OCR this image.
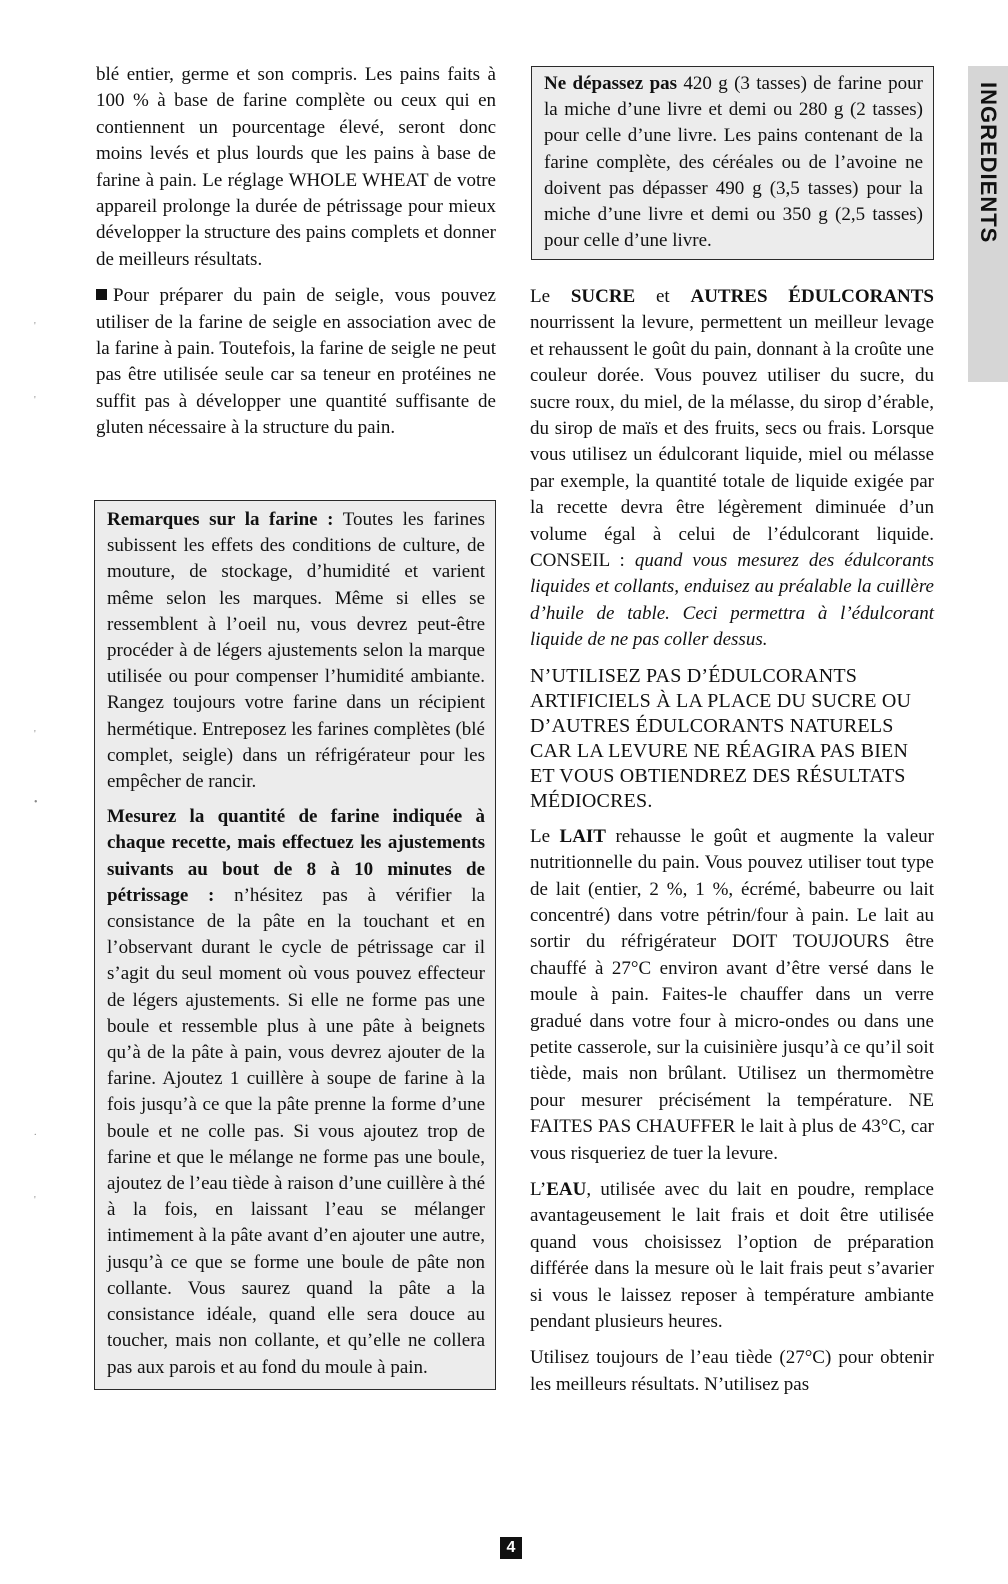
blé entier, germe et son compris. Les pains faits à 100 % à base de farine complète ou ceux qui en contiennent un pourcentage élevé, seront donc moins levés et plus lourds que les pains à base de farine à pain. Le réglage WHOLE WHEAT de votre appareil prolonge la durée de pétrissage pour mieux développer la structure des pains complets et donner de meilleurs résultats.

Pour préparer du pain de seigle, vous pouvez utiliser de la farine de seigle en association avec de la farine à pain. Toutefois, la farine de seigle ne peut pas être utilisée seule car sa teneur en protéines ne suffit pas à développer une quantité suffisante de gluten nécessaire à la structure du pain.

Remarques sur la farine : Toutes les farines subissent les effets des conditions de culture, de mouture, de stockage, d’humidité et varient même selon les marques. Même si elles se ressemblent à l’oeil nu, vous devrez peut-être procéder à de légers ajustements selon la marque utilisée ou pour compenser l’humidité ambiante. Rangez toujours votre farine dans un récipient hermétique. Entreposez les farines complètes (blé complet, seigle) dans un réfrigérateur pour les empêcher de rancir.

Mesurez la quantité de farine indiquée à chaque recette, mais effectuez les ajustements suivants au bout de 8 à 10 minutes de pétrissage : n’hésitez pas à vérifier la consistance de la pâte en la touchant et en l’observant durant le cycle de pétrissage car il s’agit du seul moment où vous pouvez effecteur de légers ajustements. Si elle ne forme pas une boule et ressemble plus à une pâte à beignets qu’à de la pâte à pain, vous devrez ajouter de la farine. Ajoutez 1 cuillère à soupe de farine à la fois jusqu’à ce que la pâte prenne la forme d’une boule et ne colle pas. Si vous ajoutez trop de farine et que le mélange ne forme pas une boule, ajoutez de l’eau tiède à raison d’une cuillère à thé à la fois, en laissant l’eau se mélanger intimement à la pâte avant d’en ajouter une autre, jusqu’à ce que se forme une boule de pâte non collante. Vous saurez quand la pâte a la consistance idéale, quand elle sera douce au toucher, mais non collante, et qu’elle ne collera pas aux parois et au fond du moule à pain.

Ne dépassez pas 420 g (3 tasses) de farine pour la miche d’une livre et demi ou 280 g (2 tasses) pour celle d’une livre. Les pains contenant de la farine complète, des céréales ou de l’avoine ne doivent pas dépasser 490 g (3,5 tasses) pour la miche d’une livre et demi ou 350 g (2,5 tasses) pour celle d’une livre.

Le SUCRE et AUTRES ÉDULCORANTS nourrissent la levure, permettent un meilleur levage et rehaussent le goût du pain, donnant à la croûte une couleur dorée. Vous pouvez utiliser du sucre, du sucre roux, du miel, de la mélasse, du sirop d’érable, du sirop de maïs et des fruits, secs ou frais. Lorsque vous utilisez un édulcorant liquide, miel ou mélasse par exemple, la quantité totale de liquide exigée par la recette devra être légèrement diminuée d’un volume égal à celui de l’édulcorant liquide. CONSEIL : quand vous mesurez des édulcorants liquides et collants, enduisez au préalable la cuillère d’huile de table. Ceci permettra à l’édulcorant liquide de ne pas coller dessus.

N’UTILISEZ PAS D’ÉDULCORANTS ARTIFICIELS À LA PLACE DU SUCRE OU D’AUTRES ÉDULCORANTS NATURELS CAR LA LEVURE NE RÉAGIRA PAS BIEN ET VOUS OBTIENDREZ DES RÉSULTATS MÉDIOCRES.

Le LAIT rehausse le goût et augmente la valeur nutritionnelle du pain. Vous pouvez utiliser tout type de lait (entier, 2 %, 1 %, écrémé, babeurre ou lait concentré) dans votre pétrin/four à pain. Le lait au sortir du réfrigérateur DOIT TOUJOURS être chauffé à 27°C environ avant d’être versé dans le moule à pain. Faites-le chauffer dans un verre gradué dans votre four à micro-ondes ou dans une petite casserole, sur la cuisinière jusqu’à ce qu’il soit tiède, mais non brûlant. Utilisez un thermomètre pour mesurer précisément la température. NE FAITES PAS CHAUFFER le lait à plus de 43°C, car vous risqueriez de tuer la levure.

L’EAU, utilisée avec du lait en poudre, remplace avantageusement le lait frais et doit être utilisée quand vous choisissez l’option de préparation différée dans la mesure où le lait frais peut s’avarier si vous le laissez reposer à température ambiante pendant plusieurs heures.

Utilisez toujours de l’eau tiède (27°C) pour obtenir les meilleurs résultats. N’utilisez pas

INGREDIENTS
4
'
'
'
•
.
'
